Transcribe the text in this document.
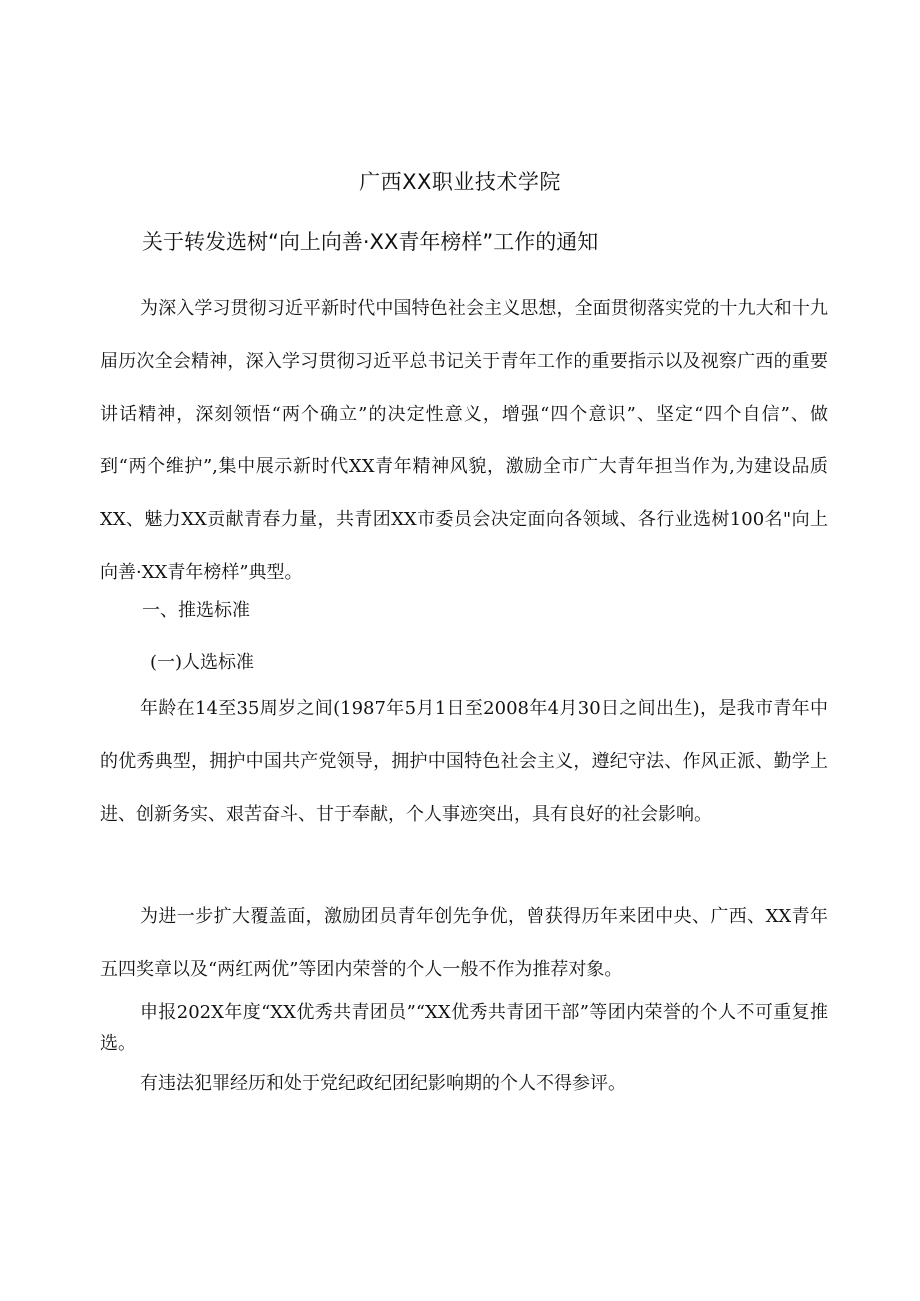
广西XX职业技术学院
关于转发选树“向上向善·XX青年榜样”工作的通知

为深入学习贯彻习近平新时代中国特色社会主义思想，全面贯彻落实党的十九大和十九届历次全会精神，深入学习贯彻习近平总书记关于青年工作的重要指示以及视察广西的重要讲话精神，深刻领悟“两个确立”的决定性意义，增强“四个意识”、坚定“四个自信”、做到“两个维护”,集中展示新时代XX青年精神风貌，激励全市广大青年担当作为,为建设品质XX、魅力XX贡献青春力量，共青团XX市委员会决定面向各领域、各行业选树100名"向上向善·XX青年榜样”典型。

一、推选标准
(一)人选标准

年龄在14至35周岁之间(1987年5月1日至2008年4月30日之间出生)，是我市青年中的优秀典型，拥护中国共产党领导，拥护中国特色社会主义，遵纪守法、作风正派、勤学上进、创新务实、艰苦奋斗、甘于奉献，个人事迹突出，具有良好的社会影响。

为进一步扩大覆盖面，激励团员青年创先争优，曾获得历年来团中央、广西、XX青年五四奖章以及“两红两优”等团内荣誉的个人一般不作为推荐对象。

申报202X年度“XX优秀共青团员”“XX优秀共青团干部”等团内荣誉的个人不可重复推选。

有违法犯罪经历和处于党纪政纪团纪影响期的个人不得参评。
